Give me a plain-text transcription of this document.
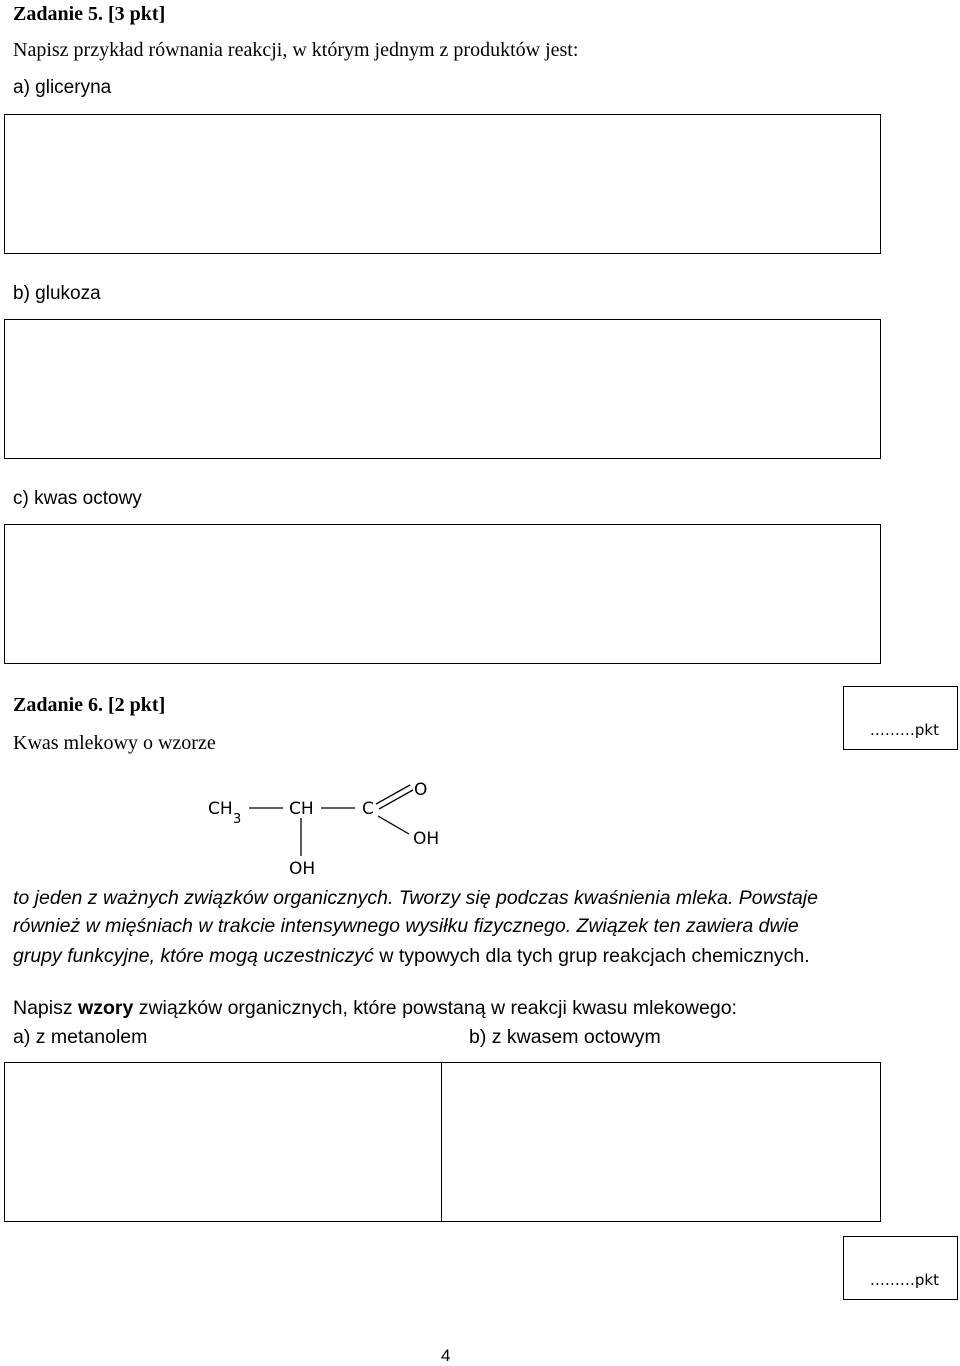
Zadanie 5. [3 pkt]
Napisz przykład równania reakcji, w którym jednym z produktów jest:
a) gliceryna
b) glukoza
c) kwas octowy
Zadanie 6. [2 pkt]
Kwas mlekowy o wzorze
………pkt
CH
3
CH	C
O
OH
OH
to jeden z ważnych związków organicznych. Tworzy się podczas kwaśnienia mleka. Powstaje
również w mięśniach w trakcie intensywnego wysiłku fizycznego. Związek ten zawiera dwie
grupy funkcyjne, które mogą uczestniczyć w typowych dla tych grup reakcjach chemicznych.
Napisz wzory związków organicznych, które powstaną w reakcji kwasu mlekowego:
a) z metanolem	b) z kwasem octowym
………pkt
4
